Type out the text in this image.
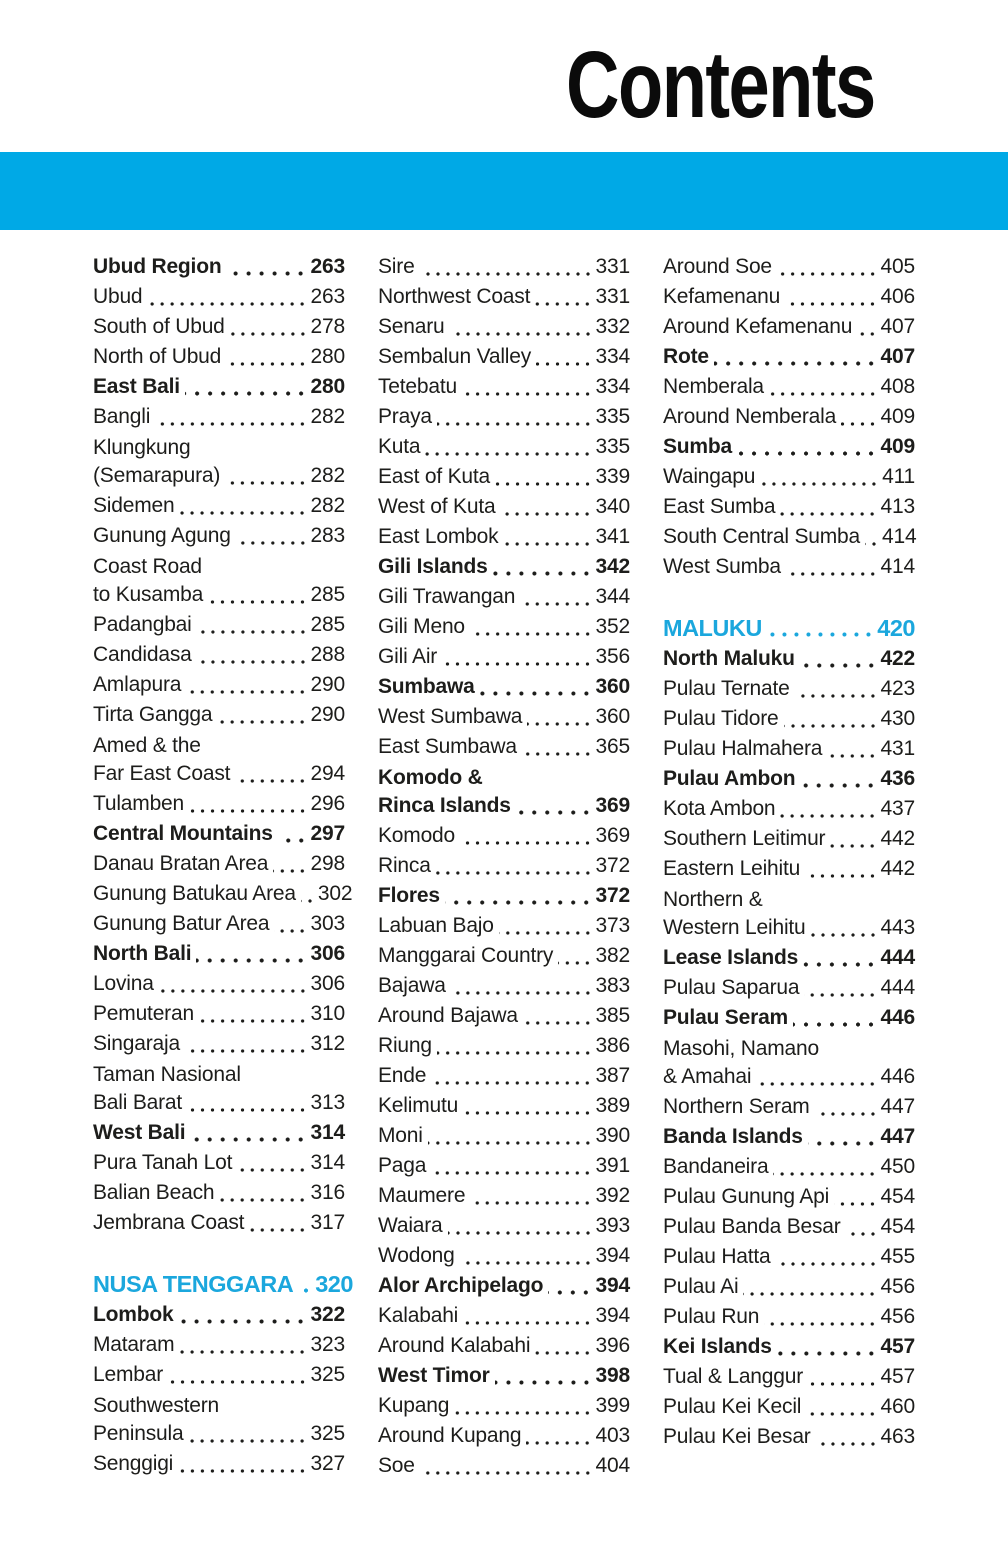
Contents
Ubud Region	263
Ubud	263
South of Ubud	278
North of Ubud	280
East Bali	280
Bangli	282
Klungkung
(Semarapura)	282
Sidemen	282
Gunung Agung	283
Coast Road
to Kusamba	285
Padangbai	285
Candidasa	288
Amlapura	290
Tirta Gangga	290
Amed & the
Far East Coast	294
Tulamben	296
Central Mountains 297
Danau Bratan Area 298
Gunung Batukau Area 302
Gunung Batur Area 303
North Bali	306
Lovina	306
Pemuteran	310
Singaraja	312
Taman Nasional
Bali Barat	313
West Bali	314
Pura Tanah Lot	314
Balian Beach	316
Jembrana Coast	317
NUSA TENGGARA 320
Lombok	322
Mataram	323
Lembar	325
Southwestern
Peninsula	325
Senggigi	327
Sire	331
Northwest Coast	331
Senaru	332
Sembalun Valley	334
Tetebatu	334
Praya	335
Kuta	335
East of Kuta	339
West of Kuta	340
East Lombok	341
Gili Islands	342
Gili Trawangan	344
Gili Meno	352
Gili Air	356
Sumbawa	360
West Sumbawa	360
East Sumbawa	365
Komodo &
Rinca Islands	369
Komodo	369
Rinca	372
Flores	372
Labuan Bajo	373
Manggarai Country 382
Bajawa	383
Around Bajawa	385
Riung	386
Ende	387
Kelimutu	389
Moni	390
Paga	391
Maumere	392
Waiara	393
Wodong	394
Alor Archipelago 394
Kalabahi	394
Around Kalabahi	396
West Timor	398
Kupang	399
Around Kupang	403
Soe	404
Around Soe	405
Kefamenanu	406
Around Kefamenanu 407
Rote	407
Nemberala	408
Around Nemberala 409
Sumba	409
Waingapu	411
East Sumba	413
South Central Sumba 414
West Sumba	414
MALUKU	420
North Maluku	422
Pulau Ternate	423
Pulau Tidore	430
Pulau Halmahera	431
Pulau Ambon	436
Kota Ambon	437
Southern Leitimur	442
Eastern Leihitu	442
Northern &
Western Leihitu	443
Lease Islands	444
Pulau Saparua	444
Pulau Seram	446
Masohi, Namano
& Amahai	446
Northern Seram	447
Banda Islands	447
Bandaneira	450
Pulau Gunung Api 454
Pulau Banda Besar 454
Pulau Hatta	455
Pulau Ai	456
Pulau Run	456
Kei Islands	457
Tual & Langgur	457
Pulau Kei Kecil	460
Pulau Kei Besar	463
